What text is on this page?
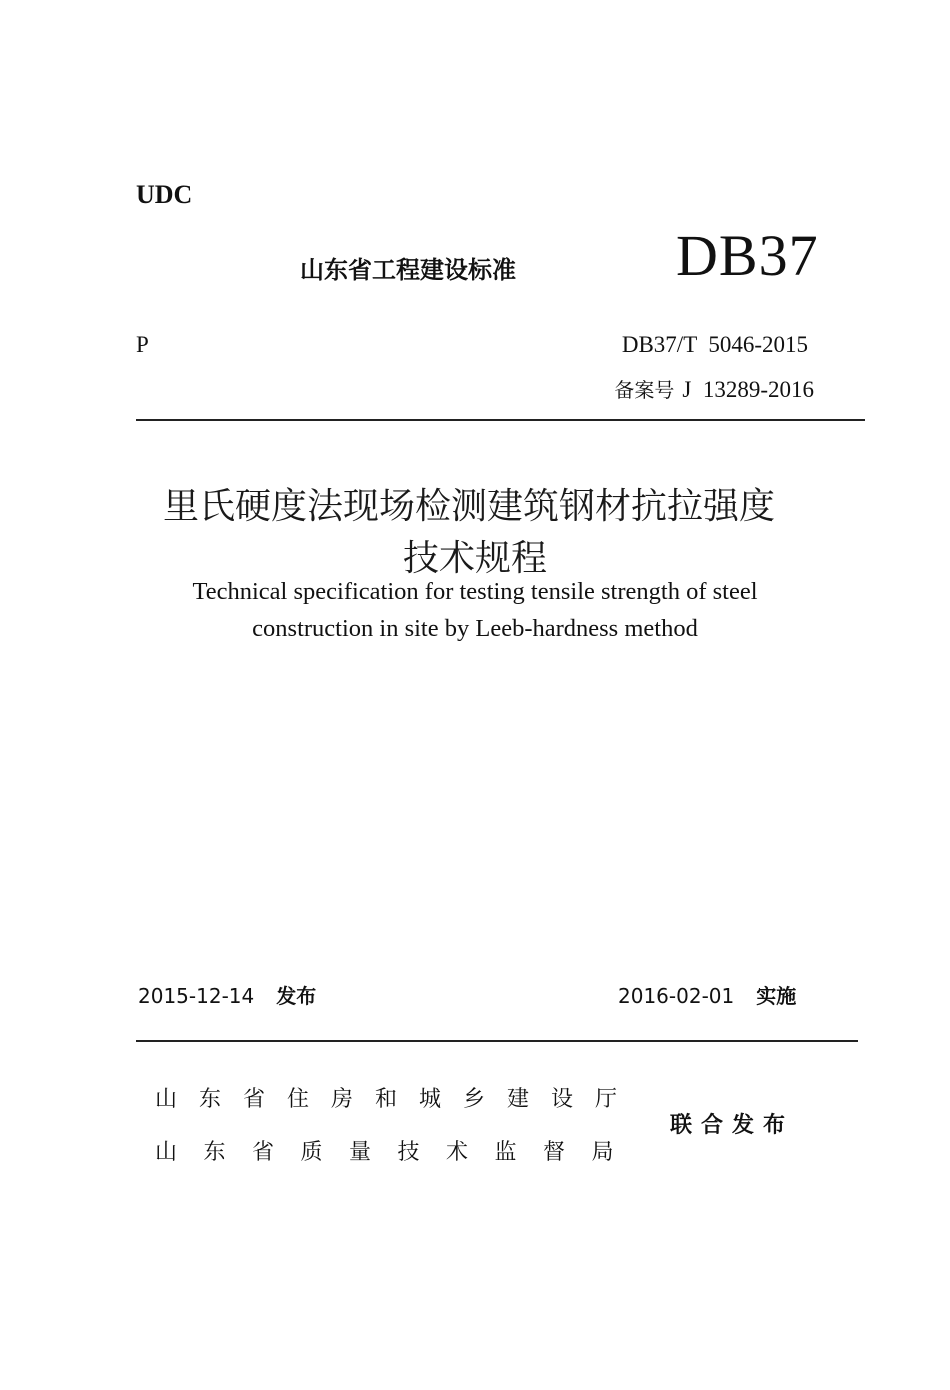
UDC
山东省工程建设标准	DB37
P	DB37/T  5046-2015
备案号 J  13289-2016
里氏硬度法现场检测建筑钢材抗拉强度
技术规程
Technical specification for testing tensile strength of steel
construction in site by Leeb-hardness method
2015-12-14 发布	2016-02-01 实施
山东省住房和城乡建设厅
山东省质量技术监督局
联合发布
